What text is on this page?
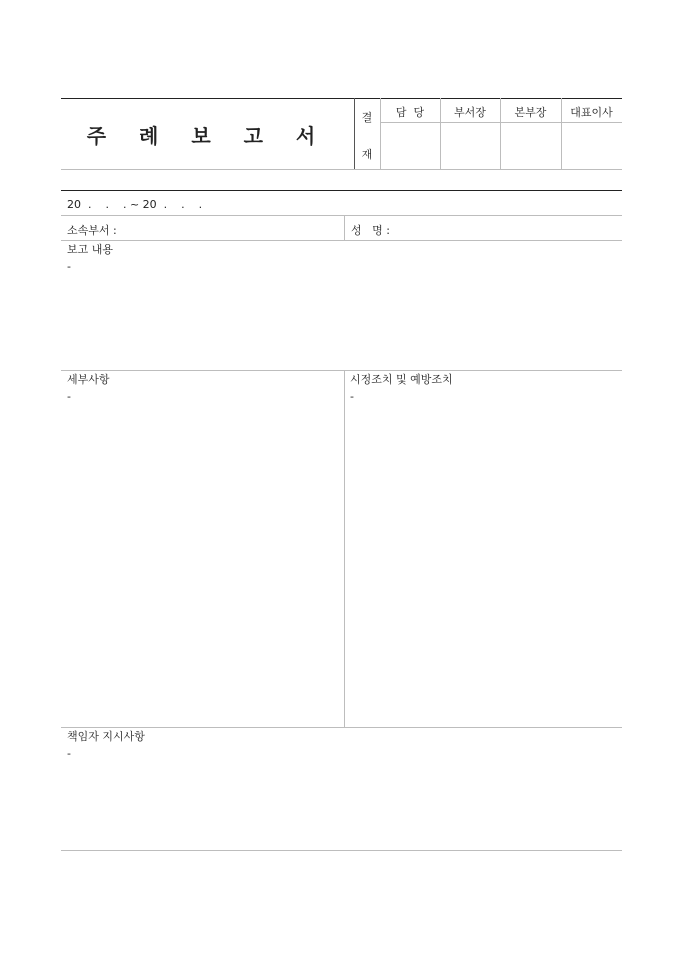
주 례 보 고 서
결
재
담  당	부서장	본부장	대표이사
20  .    .    . ~ 20  .    .    .
소속부서 :	성   명 :
보고 내용
-
세부사항
-
시정조치 및 예방조치
-
책임자 지시사항
-
